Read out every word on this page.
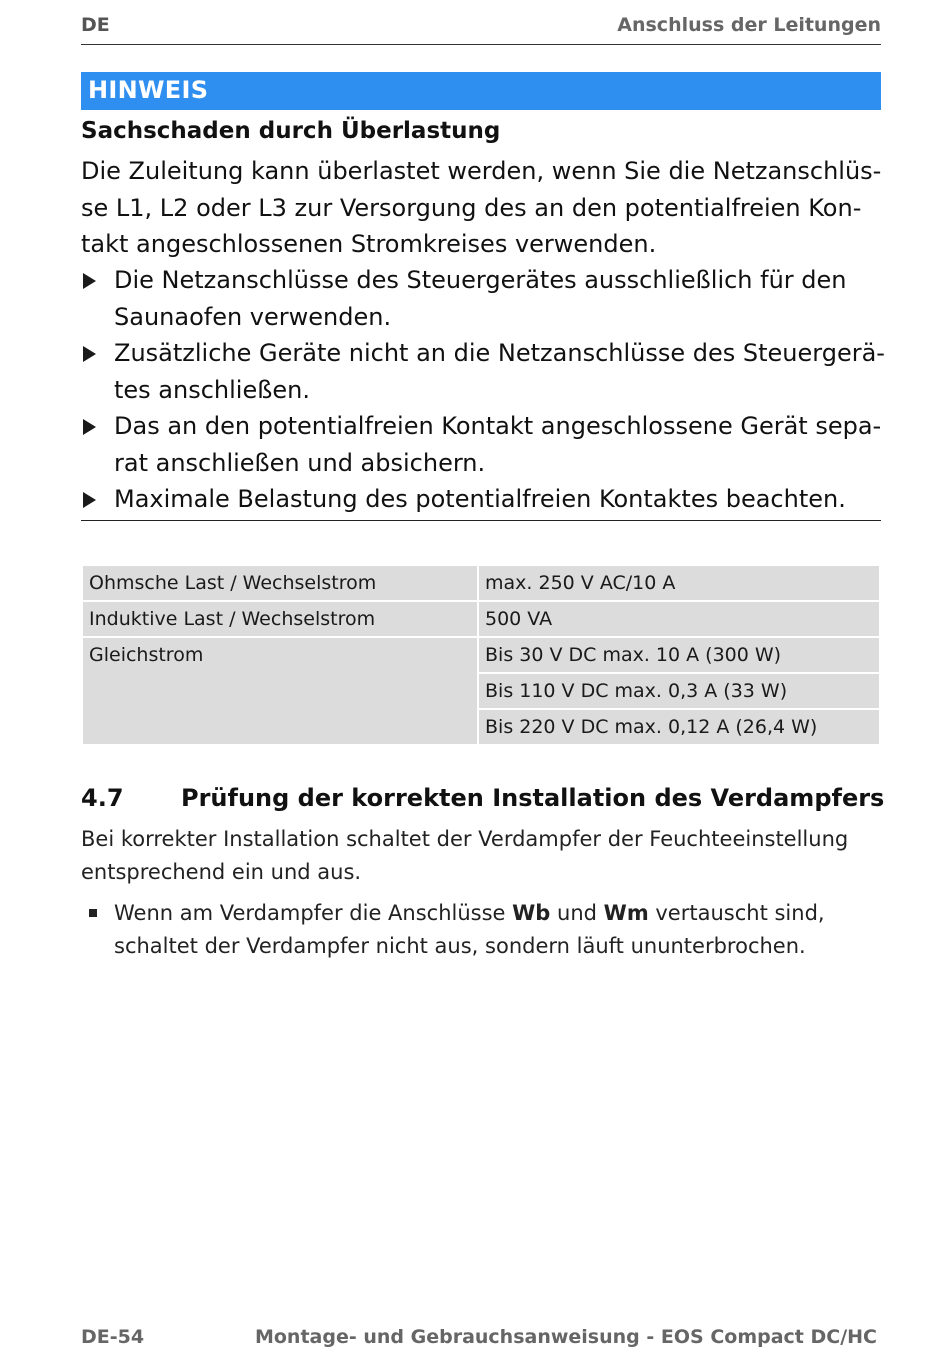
DE	Anschluss der Leitungen
HINWEIS
Sachschaden durch Überlastung
Die Zuleitung kann überlastet werden, wenn Sie die Netzanschlüs-
se L1, L2 oder L3 zur Versorgung des an den potentialfreien Kon-
takt angeschlossenen Stromkreises verwenden.
Die Netzanschlüsse des Steuergerätes ausschließlich für den
Saunaofen verwenden.
Zusätzliche Geräte nicht an die Netzanschlüsse des Steuergerä-
tes anschließen.
Das an den potentialfreien Kontakt angeschlossene Gerät sepa-
rat anschließen und absichern.
Maximale Belastung des potentialfreien Kontaktes beachten.
Ohmsche Last / Wechselstrom	max. 250 V AC/10 A
Induktive Last / Wechselstrom	500 VA
Gleichstrom	Bis 30 V DC max. 10 A (300 W)
	Bis 110 V DC max. 0,3 A (33 W)
	Bis 220 V DC max. 0,12 A (26,4 W)
4.7 Prüfung der korrekten Installation des Verdampfers
Bei korrekter Installation schaltet der Verdampfer der Feuchteeinstellung
entsprechend ein und aus.
Wenn am Verdampfer die Anschlüsse Wb und Wm vertauscht sind,
schaltet der Verdampfer nicht aus, sondern läuft ununterbrochen.
DE-54	Montage- und Gebrauchsanweisung - EOS Compact DC/HC
